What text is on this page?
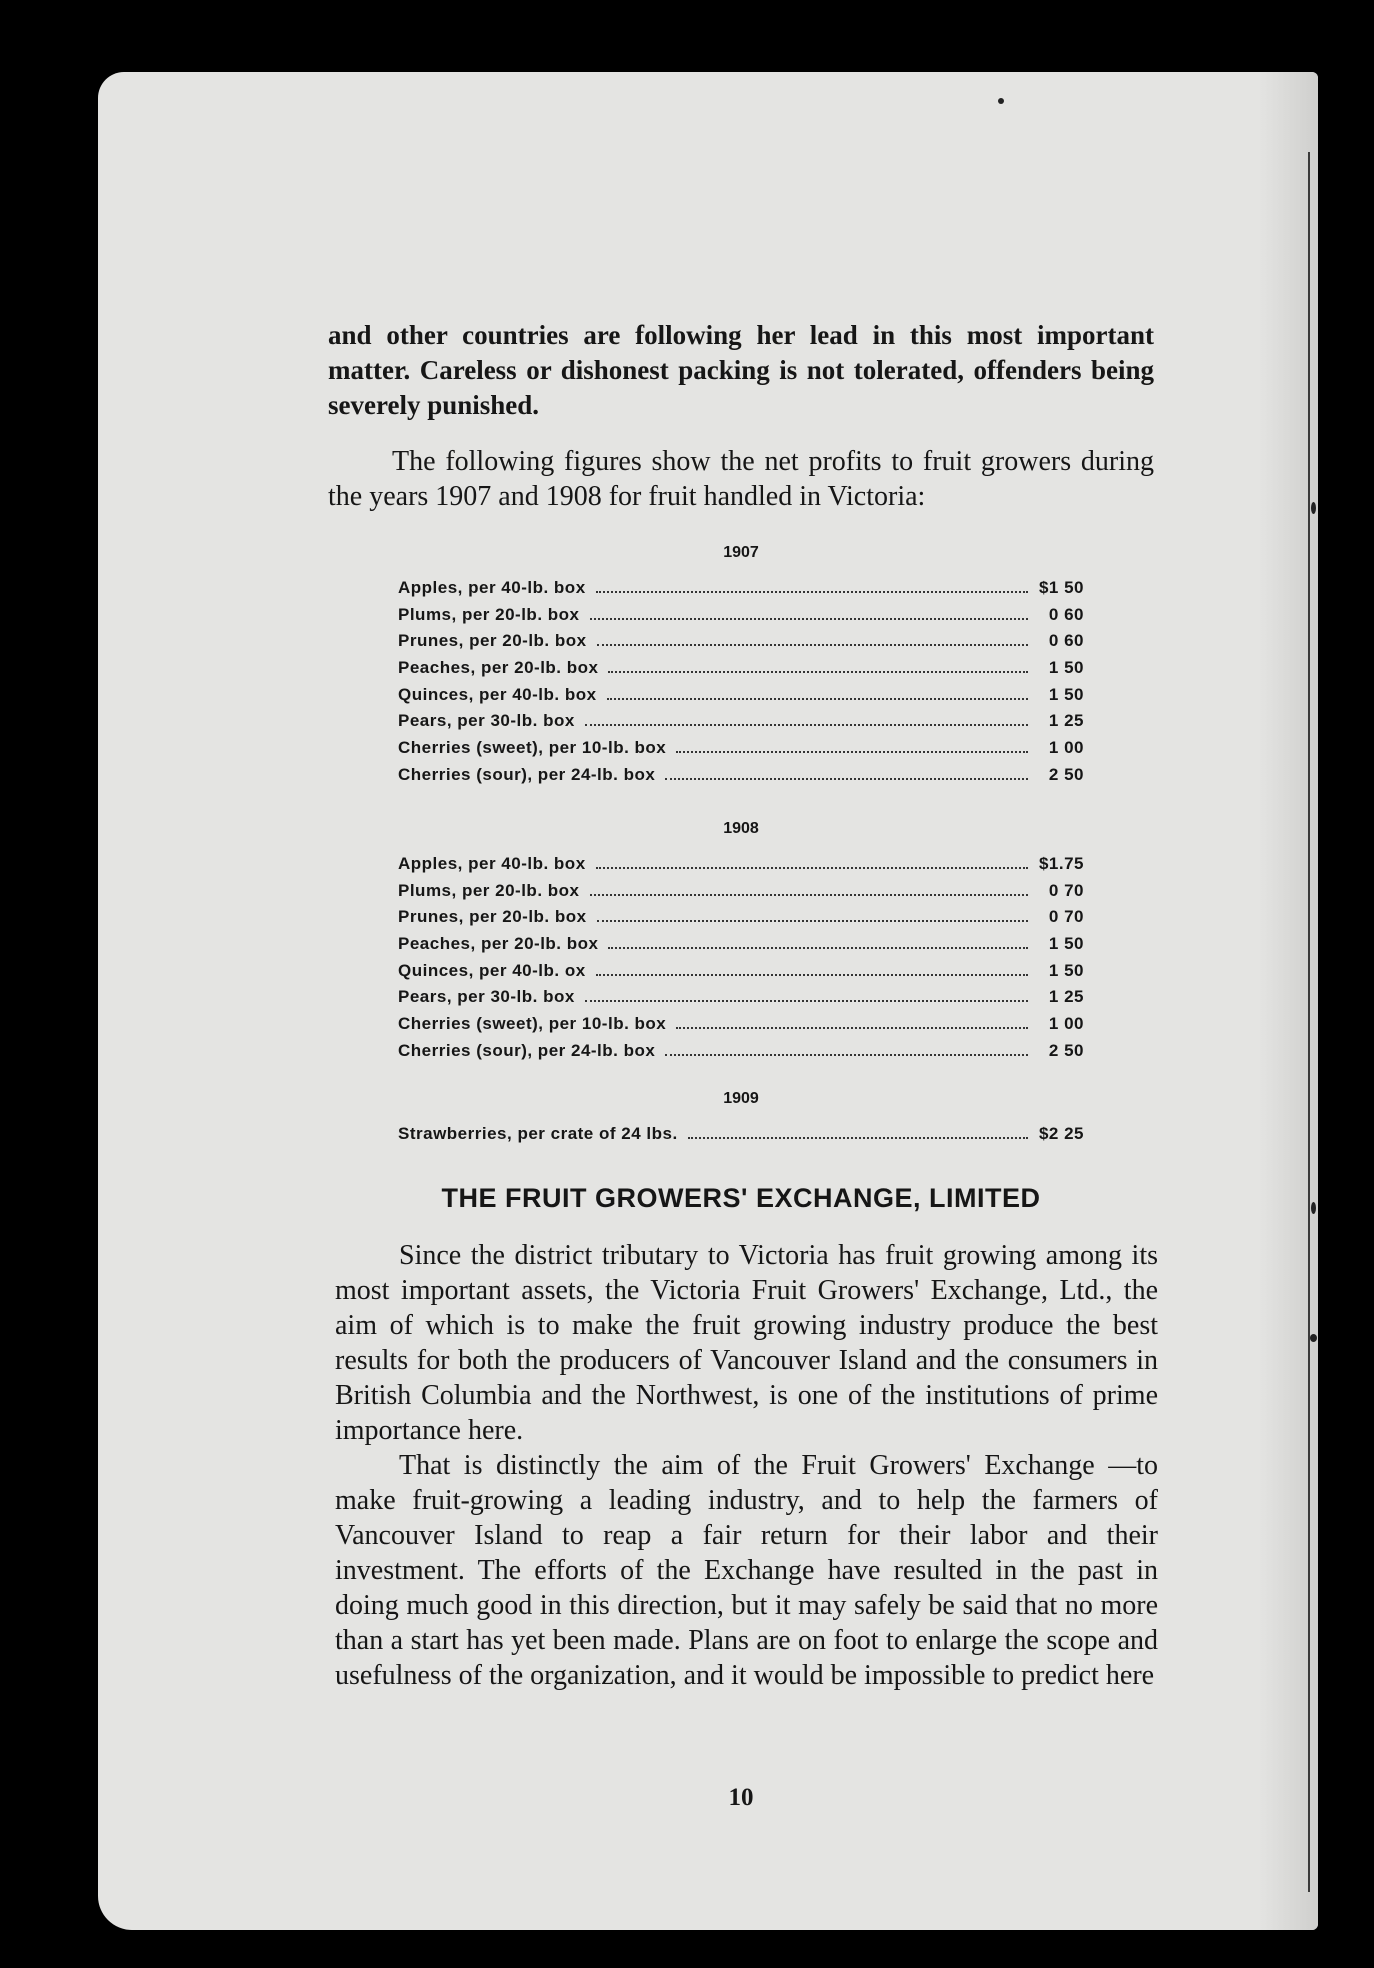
and other countries are following her lead in this most important matter. Careless or dishonest packing is not tolerated, offenders being severely punished.

The following figures show the net profits to fruit growers during the years 1907 and 1908 for fruit handled in Victoria:

1907
Apples, per 40-lb. box	$1 50
Plums, per 20-lb. box	0 60
Prunes, per 20-lb. box	0 60
Peaches, per 20-lb. box	1 50
Quinces, per 40-lb. box	1 50
Pears, per 30-lb. box	1 25
Cherries (sweet), per 10-lb. box	1 00
Cherries (sour), per 24-lb. box	2 50
1908
Apples, per 40-lb. box	$1.75
Plums, per 20-lb. box	0 70
Prunes, per 20-lb. box	0 70
Peaches, per 20-lb. box	1 50
Quinces, per 40-lb. ox	1 50
Pears, per 30-lb. box	1 25
Cherries (sweet), per 10-lb. box	1 00
Cherries (sour), per 24-lb. box	2 50
1909
Strawberries, per crate of 24 lbs.	$2 25
THE FRUIT GROWERS' EXCHANGE, LIMITED

Since the district tributary to Victoria has fruit growing among its most important assets, the Victoria Fruit Growers' Exchange, Ltd., the aim of which is to make the fruit growing industry produce the best results for both the producers of Vancouver Island and the consumers in British Columbia and the Northwest, is one of the institutions of prime importance here.

That is distinctly the aim of the Fruit Growers' Exchange —to make fruit-growing a leading industry, and to help the farmers of Vancouver Island to reap a fair return for their labor and their investment. The efforts of the Exchange have resulted in the past in doing much good in this direction, but it may safely be said that no more than a start has yet been made. Plans are on foot to enlarge the scope and usefulness of the organization, and it would be impossible to predict here

10
